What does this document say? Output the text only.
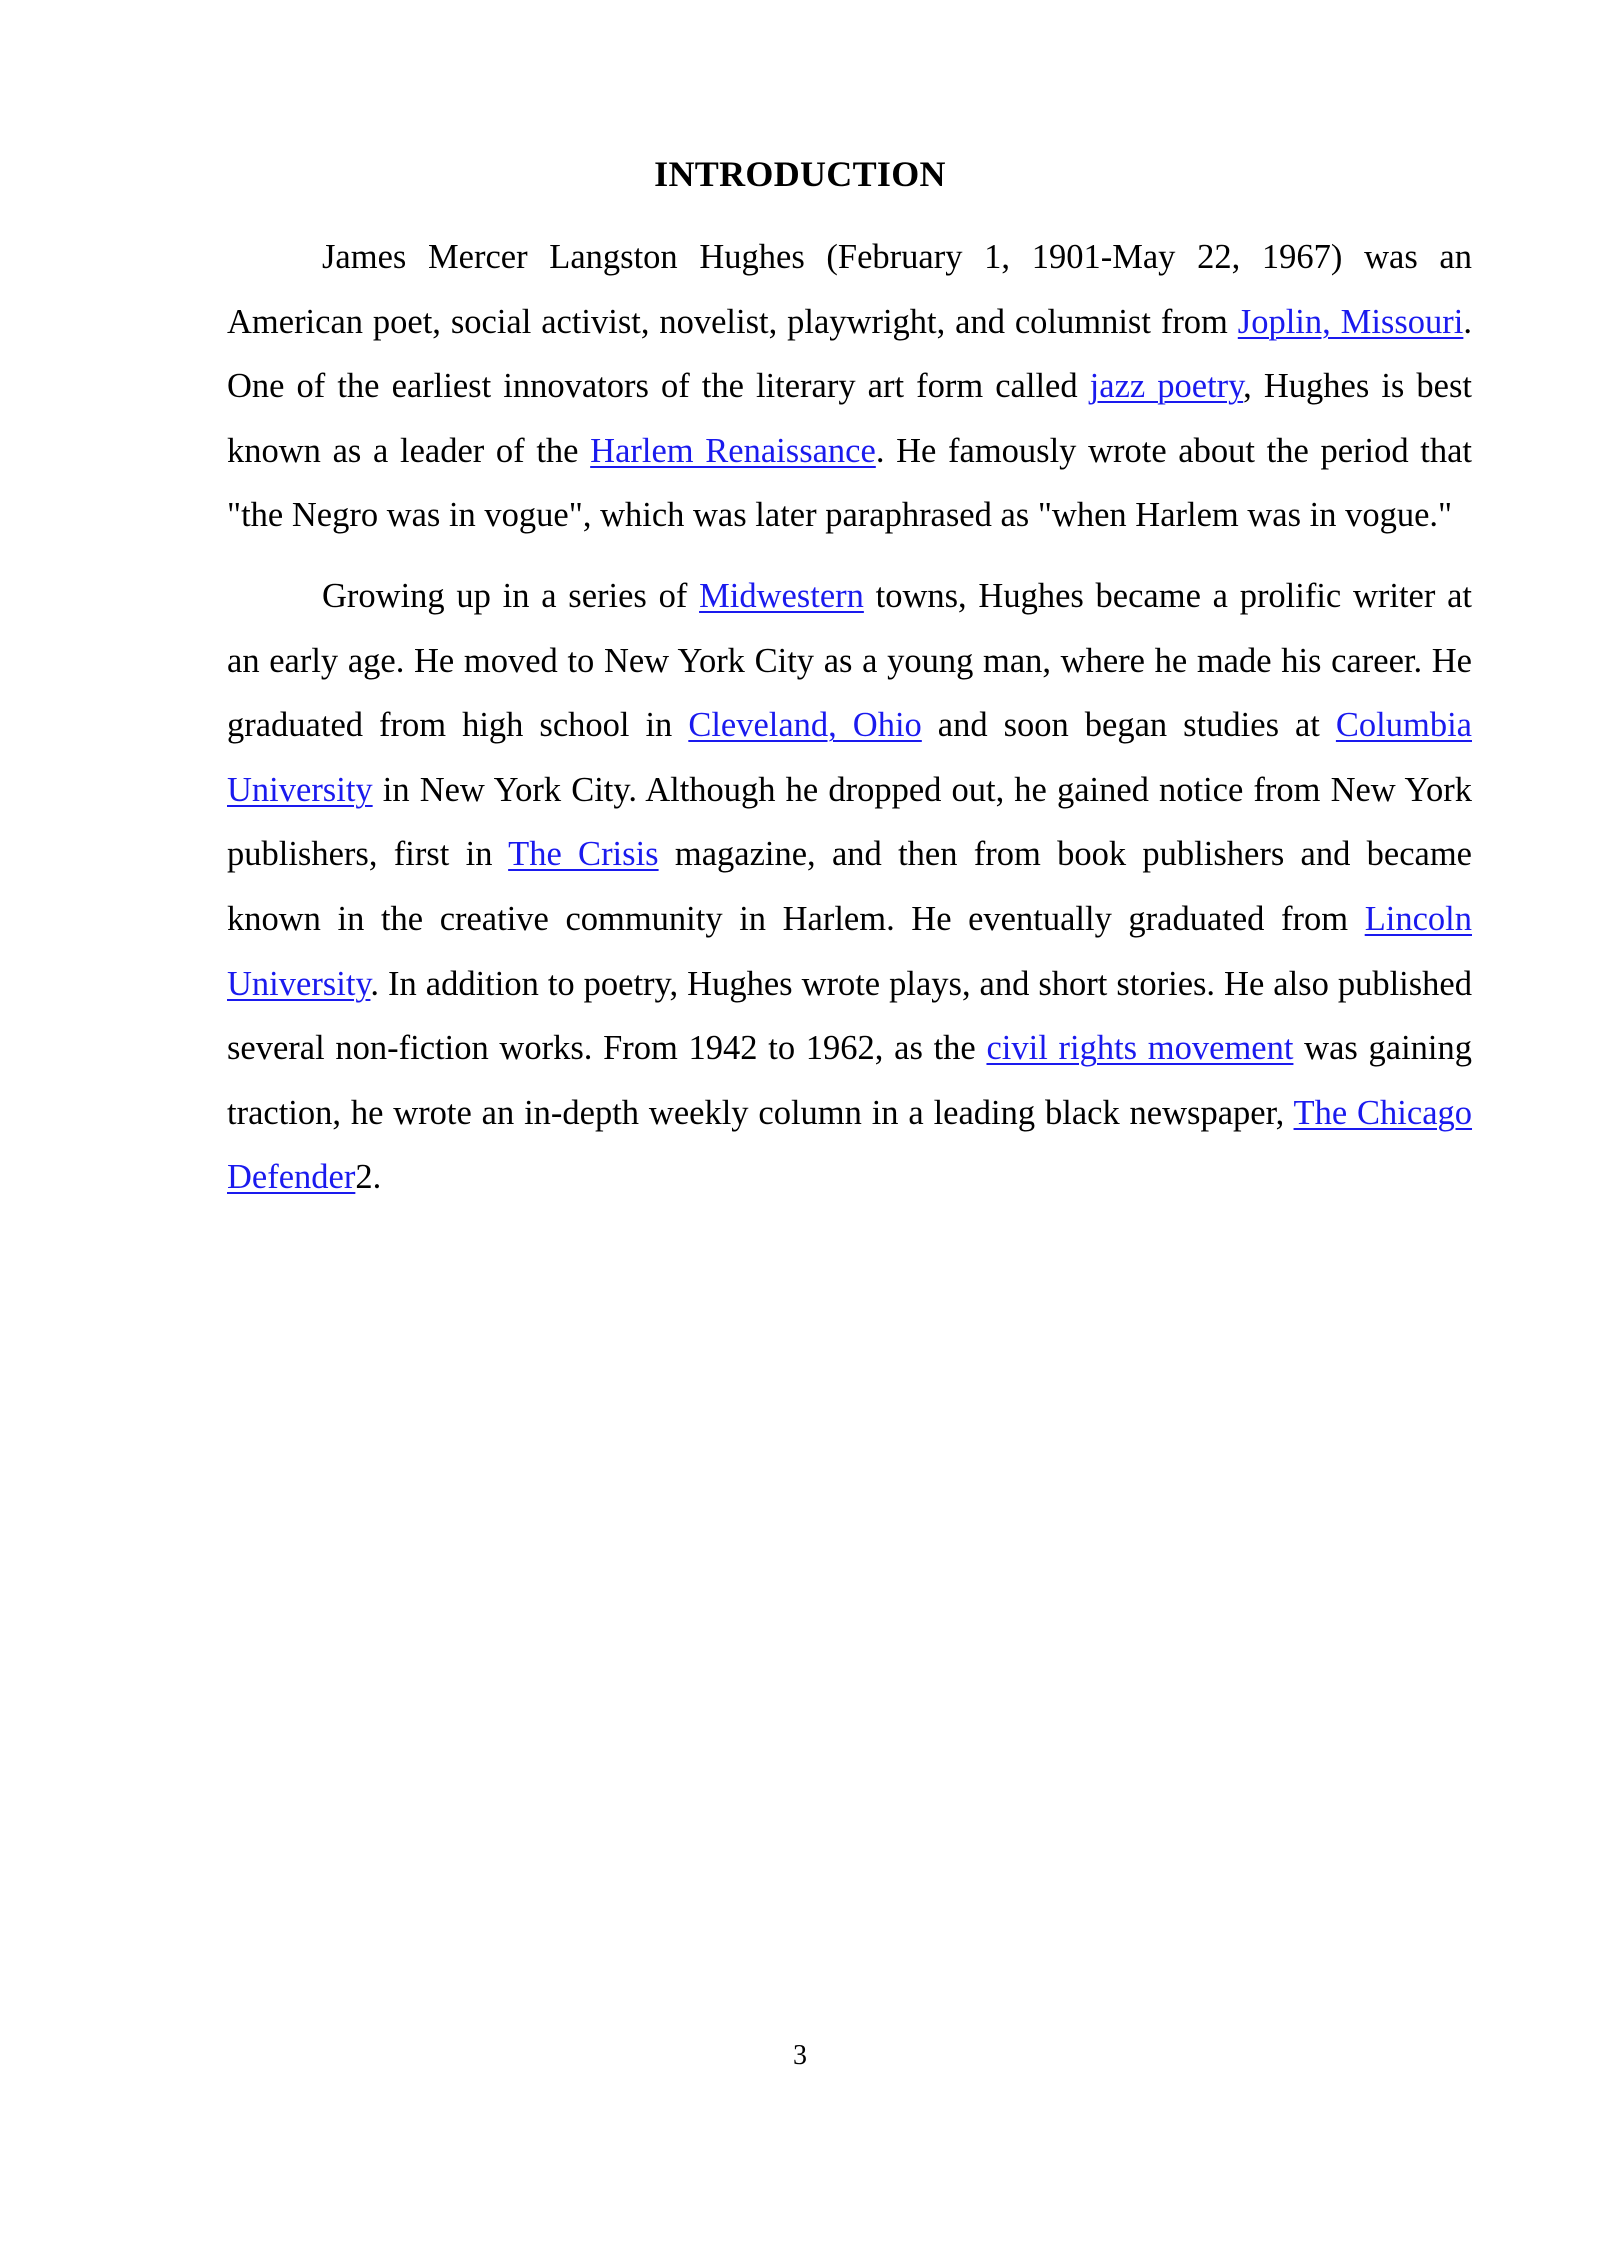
INTRODUCTION

James Mercer Langston Hughes (February 1, 1901-May 22, 1967) was an American poet, social activist, novelist, playwright, and columnist from Joplin, Missouri. One of the earliest innovators of the literary art form called jazz poetry, Hughes is best known as a leader of the Harlem Renaissance. He famously wrote about the period that "the Negro was in vogue", which was later paraphrased as "when Harlem was in vogue."

Growing up in a series of Midwestern towns, Hughes became a prolific writer at an early age. He moved to New York City as a young man, where he made his career. He graduated from high school in Cleveland, Ohio and soon began studies at Columbia University in New York City. Although he dropped out, he gained notice from New York publishers, first in The Crisis magazine, and then from book publishers and became known in the creative community in Harlem. He eventually graduated from Lincoln University. In addition to poetry, Hughes wrote plays, and short stories. He also published several non-fiction works. From 1942 to 1962, as the civil rights movement was gaining traction, he wrote an in-depth weekly column in a leading black newspaper, The Chicago Defender2.

3
